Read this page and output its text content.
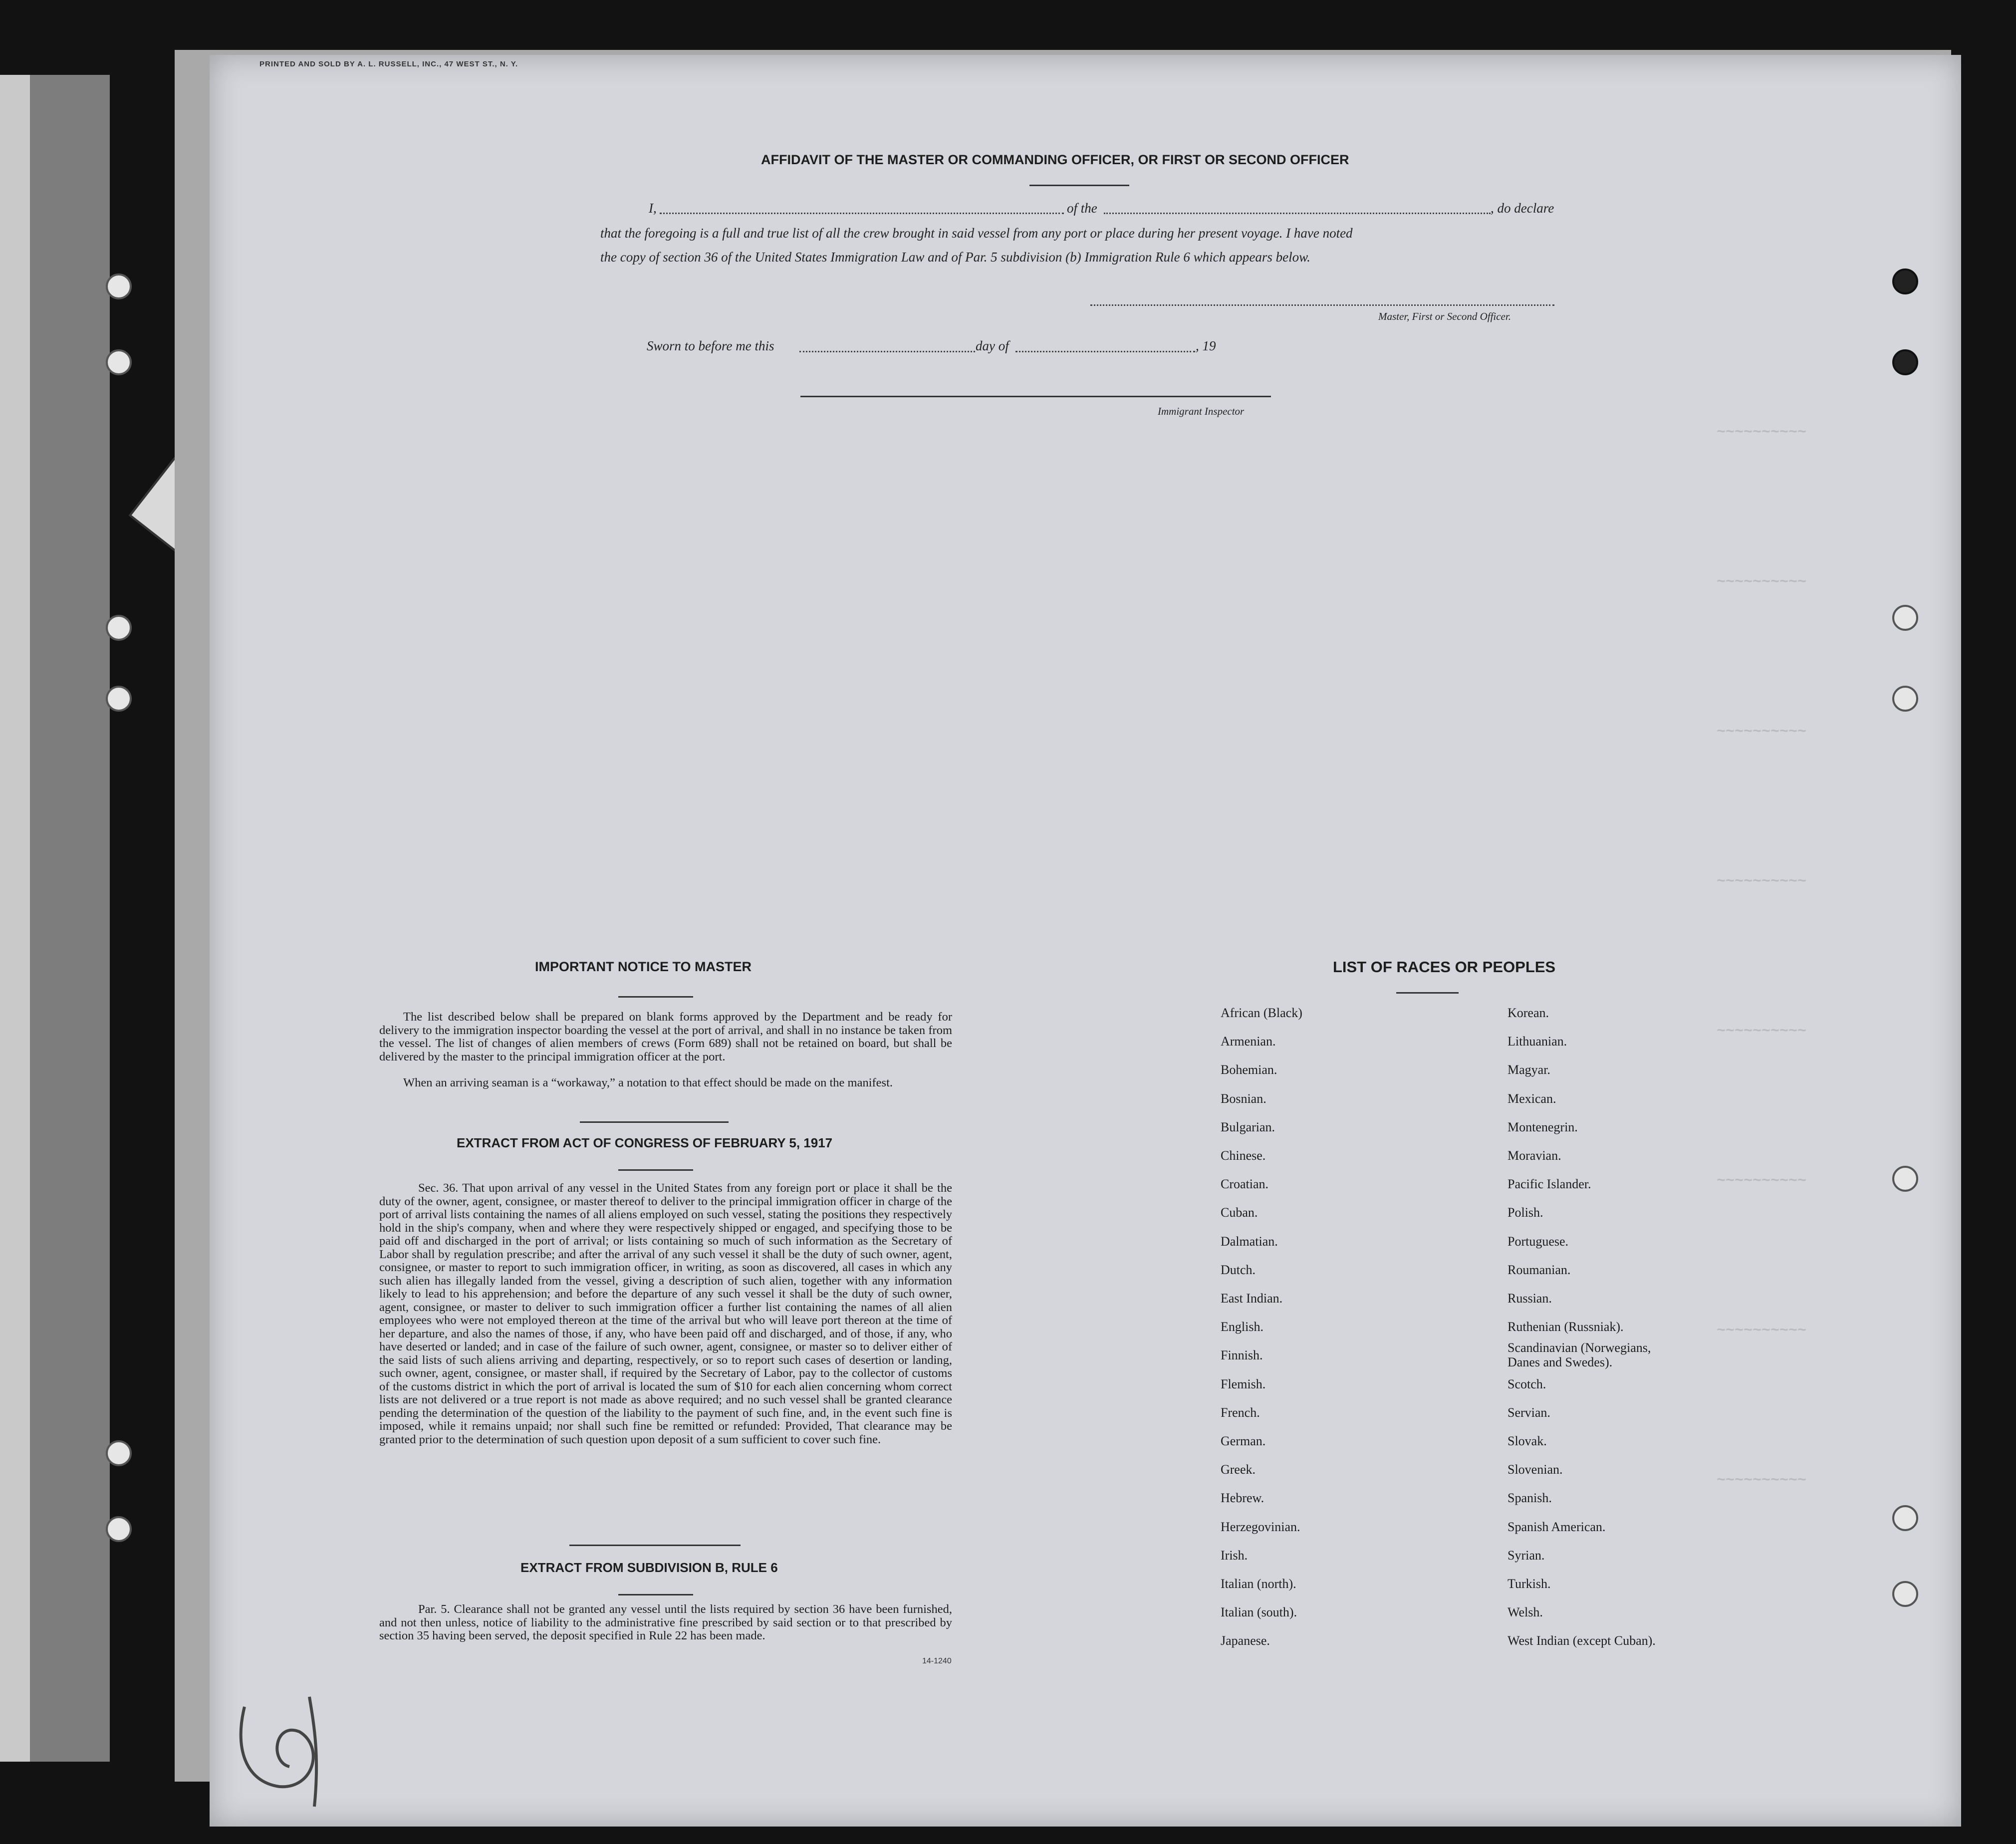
PRINTED AND SOLD BY A. L. RUSSELL, INC., 47 WEST ST., N. Y.
~~~~~~~~~~
~~~~~~~~~~
~~~~~~~~~~
~~~~~~~~~~
~~~~~~~~~~
~~~~~~~~~~
~~~~~~~~~~
~~~~~~~~~~
AFFIDAVIT OF THE MASTER OR COMMANDING OFFICER, OR FIRST OR SECOND OFFICER
I,	of the	, do declare
that the foregoing is a full and true list of all the crew brought in said vessel from any port or place during her present voyage. I have noted
the copy of section 36 of the United States Immigration Law and of Par. 5 subdivision (b) Immigration Rule 6 which appears below.
Master, First or Second Officer.
Sworn to before me this	day of	, 19
Immigrant Inspector
IMPORTANT NOTICE TO MASTER
The list described below shall be prepared on blank forms approved by the Department and be ready for delivery to the immigration inspector boarding the vessel at the port of arrival, and shall in no instance be taken from the vessel. The list of changes of alien members of crews (Form 689) shall not be retained on board, but shall be delivered by the master to the principal immigration officer at the port.
When an arriving seaman is a “workaway,” a notation to that effect should be made on the manifest.
EXTRACT FROM ACT OF CONGRESS OF FEBRUARY 5, 1917
Sec. 36. That upon arrival of any vessel in the United States from any foreign port or place it shall be the duty of the owner, agent, consignee, or master thereof to deliver to the principal immigration officer in charge of the port of arrival lists containing the names of all aliens employed on such vessel, stating the positions they respectively hold in the ship's company, when and where they were respectively shipped or engaged, and specifying those to be paid off and discharged in the port of arrival; or lists containing so much of such information as the Secretary of Labor shall by regulation prescribe; and after the arrival of any such vessel it shall be the duty of such owner, agent, consignee, or master to report to such immigration officer, in writing, as soon as discovered, all cases in which any such alien has illegally landed from the vessel, giving a description of such alien, together with any information likely to lead to his apprehension; and before the departure of any such vessel it shall be the duty of such owner, agent, consignee, or master to deliver to such immigration officer a further list containing the names of all alien employees who were not employed thereon at the time of the arrival but who will leave port thereon at the time of her departure, and also the names of those, if any, who have been paid off and discharged, and of those, if any, who have deserted or landed; and in case of the failure of such owner, agent, consignee, or master so to deliver either of the said lists of such aliens arriving and departing, respectively, or so to report such cases of desertion or landing, such owner, agent, consignee, or master shall, if required by the Secretary of Labor, pay to the collector of customs of the customs district in which the port of arrival is located the sum of $10 for each alien concerning whom correct lists are not delivered or a true report is not made as above required; and no such vessel shall be granted clearance pending the determination of the question of the liability to the payment of such fine, and, in the event such fine is imposed, while it remains unpaid; nor shall such fine be remitted or refunded: Provided, That clearance may be granted prior to the determination of such question upon deposit of a sum sufficient to cover such fine.
EXTRACT FROM SUBDIVISION B, RULE 6
Par. 5. Clearance shall not be granted any vessel until the lists required by section 36 have been furnished, and not then unless, notice of liability to the administrative fine prescribed by said section or to that prescribed by section 35 having been served, the deposit specified in Rule 22 has been made.
14-1240
LIST OF RACES OR PEOPLES
African (Black)
Armenian.
Bohemian.
Bosnian.
Bulgarian.
Chinese.
Croatian.
Cuban.
Dalmatian.
Dutch.
East Indian.
English.
Finnish.
Flemish.
French.
German.
Greek.
Hebrew.
Herzegovinian.
Irish.
Italian (north).
Italian (south).
Japanese.
Korean.
Lithuanian.
Magyar.
Mexican.
Montenegrin.
Moravian.
Pacific Islander.
Polish.
Portuguese.
Roumanian.
Russian.
Ruthenian (Russniak).
Scandinavian (Norwegians, Danes and Swedes).
Scotch.
Servian.
Slovak.
Slovenian.
Spanish.
Spanish American.
Syrian.
Turkish.
Welsh.
West Indian (except Cuban).
